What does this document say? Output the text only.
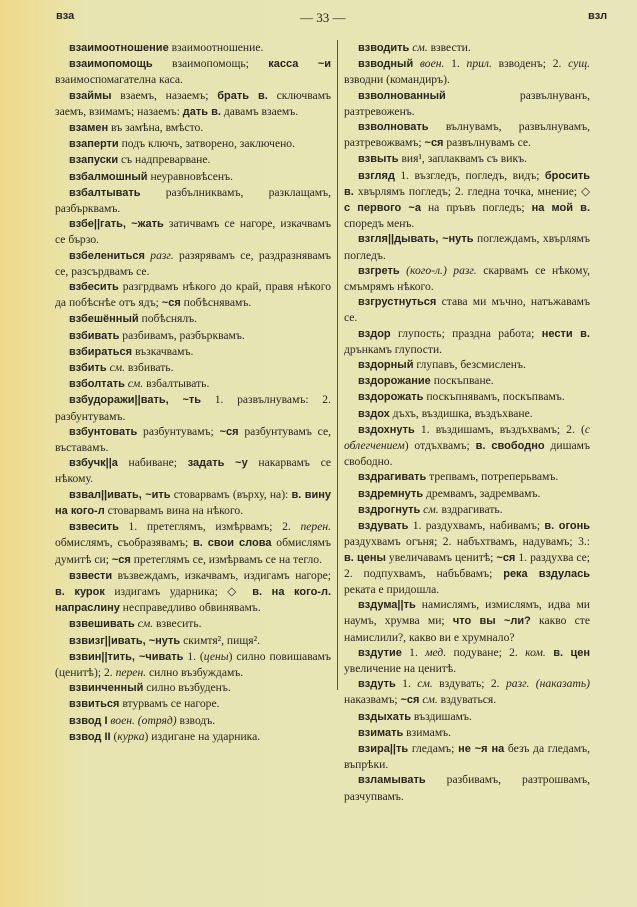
вза	— 33 —	взл

взаимоотношение взаимоотношение.

взаимопомощь взаимопомощь; касса ~и взаимоспомагателна каса.

взаймы взаемъ, назаемъ; брать в. сключвамъ заемъ, взимамъ; назаемъ: дать в. давамъ взаемъ.

взамен въ замѣна, вмѣсто.

взаперти подъ ключъ, затворено, заключено.

взапуски съ надпреварване.

взбалмошный неуравновѣсенъ.

взбалтывать разбълниквамъ, разклащамъ, разбърквамъ.

взбе||гать, ~жать затичвамъ се нагоре, изкачвамъ се бързо.

взбелениться разг. разярявамъ се, раздразнявамъ се, разсърдвамъ се.

взбесить разгрдвамъ нѣкого до край, правя нѣкого да побѣснѣе отъ ядъ; ~ся побѣснявамъ.

взбешённый побѣснялъ.

взбивать разбивамъ, разбърквамъ.

взбираться възкачвамъ.

взбить см. взбивать.

взболтать см. взбалтывать.

взбудоражи||вать, ~ть 1. развълнувамъ: 2. разбунтувамъ.

взбунтовать разбунтувамъ; ~ся разбунтувамъ се, въставамъ.

взбучк||а набиване; задать ~у накарвамъ се нѣкому.

взвал||ивать, ~ить стоварвамъ (върху, на): в. вину на кого-л стоварвамъ вина на нѣкого.

взвесить 1. претеглямъ, измѣрвамъ; 2. перен. обмислямъ, съобразявамъ; в. свои слова обмислямъ думитѣ си; ~ся претеглямъ се, измѣрвамъ се на тегло.

взвести възвеждамъ, изкачвамъ, издигамъ нагоре; в. курок издигамъ ударника; ◇ в. на кого-л. напраслину несправедливо обвинявамъ.

взвешивать см. взвесить.

взвизг||ивать, ~нуть скимтя², пищя².

взвин||тить, ~чивать 1. (цены) силно повишавамъ (ценитѣ); 2. перен. силно възбуждамъ.

взвинченный силно възбуденъ.

взвиться втурвамъ се нагоре.

взвод I воен. (отряд) взводъ.

взвод II (курка) издигане на ударника.

взводить см. взвести.

взводный воен. 1. прил. взводенъ; 2. сущ. взводни (командиръ).

взволнованный развълнуванъ, разтревоженъ.

взволновать вълнувамъ, развълнувамъ, разтревожвамъ; ~ся развълнувамъ се.

взвыть вия¹, заплаквамъ съ викъ.

взгляд 1. възгледъ, погледъ, видъ; бросить в. хвърлямъ погледъ; 2. гледна точка, мнение; ◇ с первого ~а на пръвъ погледъ; на мой в. споредъ менъ.

взгля||дывать, ~нуть поглеждамъ, хвърлямъ погледъ.

взгреть (кого-л.) разг. скарвамъ се нѣкому, смъмрямъ нѣкого.

взгрустнуться става ми мъчно, натъжавамъ се.

вздор глупость; праздна работа; нести в. дрънкамъ глупости.

вздорный глупавъ, безсмисленъ.

вздорожание поскъпване.

вздорожать поскъпнявамъ, поскъпвамъ.

вздох дъхъ, въздишка, въздъхване.

вздохнуть 1. въздишамъ, въздъхвамъ; 2. (с облегчением) отдъхвамъ; в. свободно дишамъ свободно.

вздрагивать трепвамъ, потреперьвамъ.

вздремнуть дремвамъ, задремвамъ.

вздрогнуть см. вздрагивать.

вздувать 1. раздухвамъ, набивамъ; в. огонь раздухвамъ огъня; 2. набъхтвамъ, надувамъ; 3.: в. цены увеличавамъ ценитѣ; ~ся 1. раздухва се; 2. подпухвамъ, набъбвамъ; река вздулась реката е придошла.

вздума||ть намислямъ, измислямъ, идва ми наумъ, хрумва ми; что вы ~ли? какво сте намислили?, какво ви е хрумнало?

вздутие 1. мед. подуване; 2. ком. в. цен увеличение на ценитѣ.

вздуть 1. см. вздувать; 2. разг. (наказать) наказвамъ; ~ся см. вздуваться.

вздыхать въздишамъ.

взимать взимамъ.

взира||ть гледамъ; не ~я на безъ да гледамъ, въпрѣки.

взламывать разбивамъ, разтрошвамъ, разчупвамъ.
